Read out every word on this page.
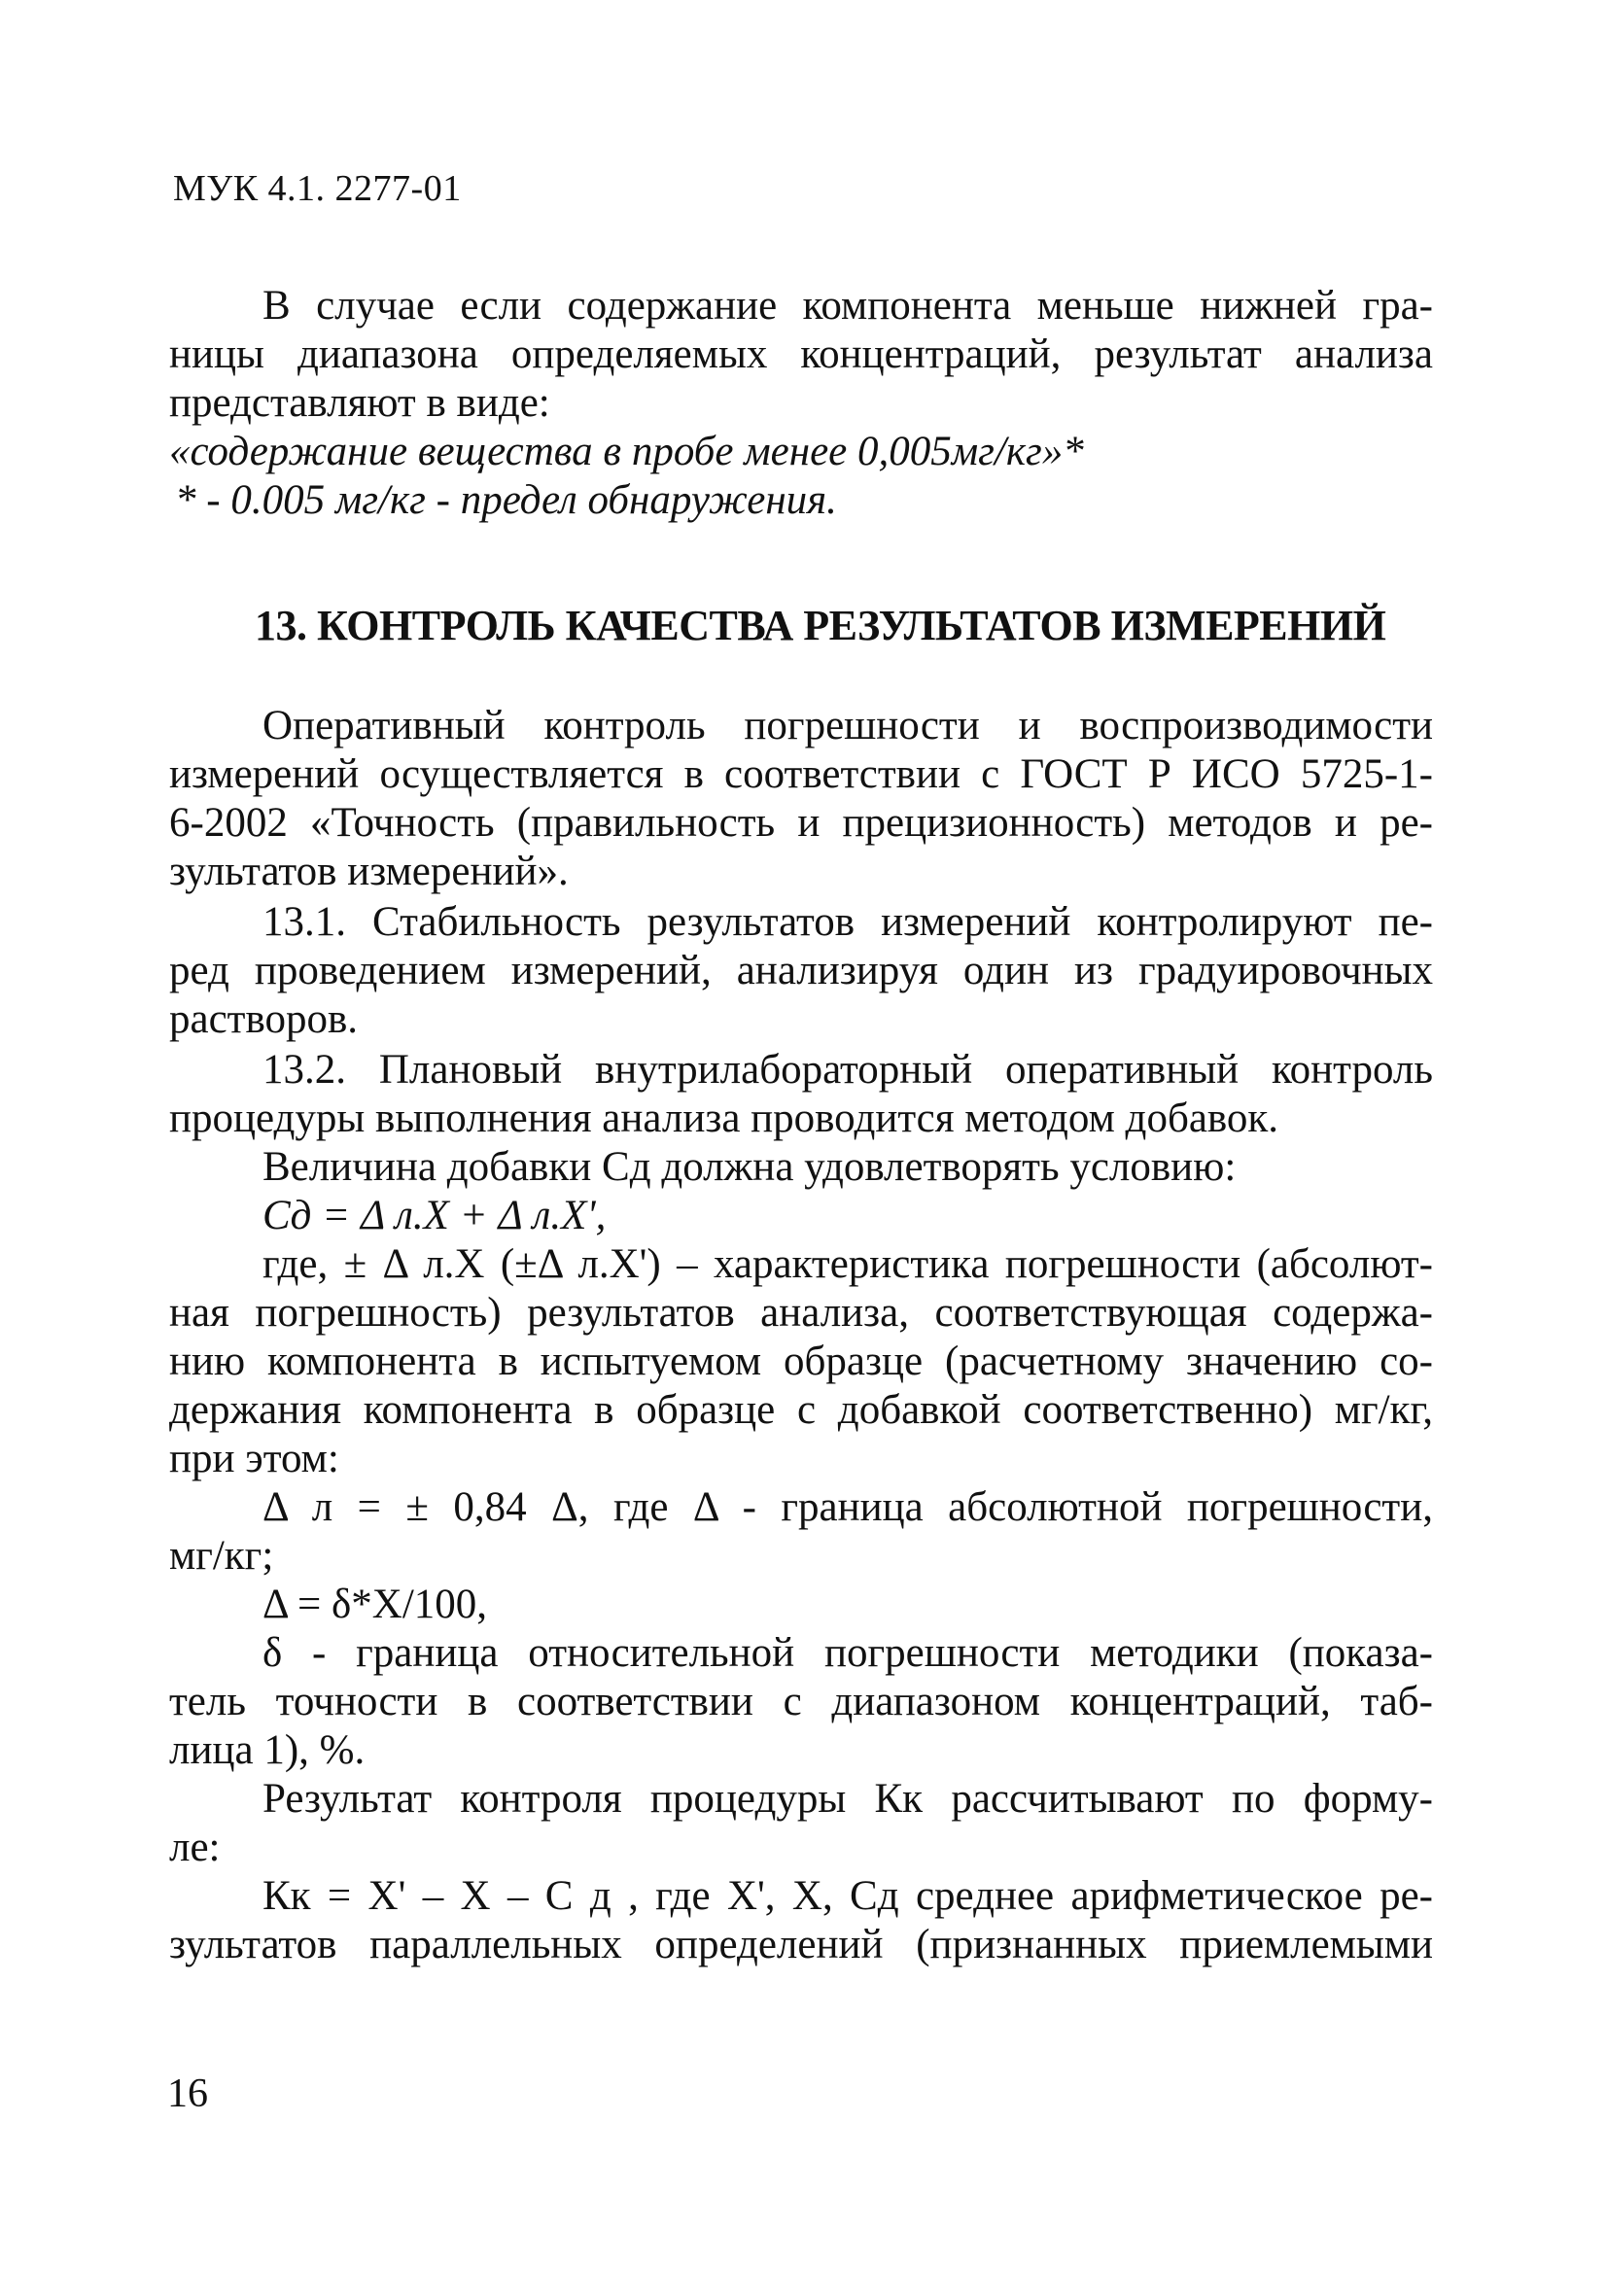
МУК 4.1. 2277-01
В случае если содержание компонента меньше нижней гра-
ницы диапазона определяемых концентраций, результат анализа
представляют в виде:
«содержание вещества в пробе менее 0,005мг/кг»*
* - 0.005 мг/кг - предел обнаружения.
13. КОНТРОЛЬ КАЧЕСТВА РЕЗУЛЬТАТОВ ИЗМЕРЕНИЙ
Оперативный контроль погрешности и воспроизводимости
измерений осуществляется в соответствии с ГОСТ Р ИСО 5725-1-
6-2002 «Точность (правильность и прецизионность) методов и ре-
зультатов измерений».
13.1. Стабильность результатов измерений контролируют пе-
ред проведением измерений, анализируя один из градуировочных
растворов.
13.2. Плановый внутрилабораторный оперативный контроль
процедуры выполнения анализа проводится методом добавок.
Величина добавки Cд должна удовлетворять условию:
Cд = Δ л.X + Δ л.X',
где, ± Δ л.X (±Δ л.X') – характеристика погрешности (абсолют-
ная погрешность) результатов анализа, соответствующая содержа-
нию компонента в испытуемом образце (расчетному значению со-
держания компонента в образце с добавкой соответственно) мг/кг,
при этом:
Δ л = ± 0,84 Δ, где Δ - граница абсолютной погрешности,
мг/кг;
Δ = δ*X/100,
δ - граница относительной погрешности методики (показа-
тель точности в соответствии с диапазоном концентраций, таб-
лица 1), %.
Результат контроля процедуры Кк рассчитывают по форму-
ле:
Кк = X' – X – C д , где X', X, Cд среднее арифметическое ре-
зультатов параллельных определений (признанных приемлемыми
16
